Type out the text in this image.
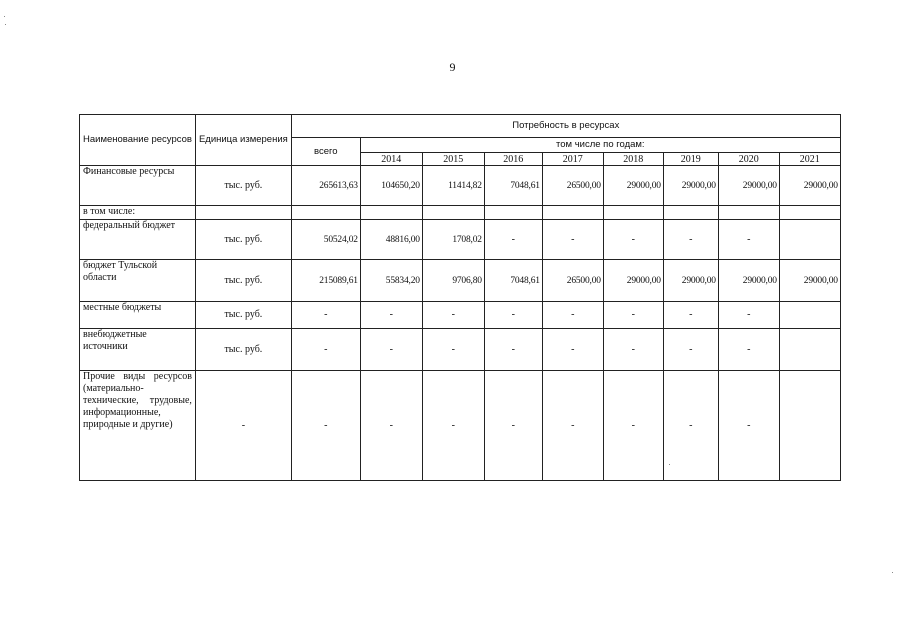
9
Наименование ресурсов	Единица измерения	Потребность в ресурсах								
		всего	том числе по годам:							
			2014	2015	2016	2017	2018	2019	2020	2021
Финансовые ресурсы	тыс. руб.	265613,63	104650,20	11414,82	7048,61	26500,00	29000,00	29000,00	29000,00	29000,00
в том числе:										
федеральный бюджет	тыс. руб.	50524,02	48816,00	1708,02	-	-	-	-	-	
бюджет Тульской области	тыс. руб.	215089,61	55834,20	9706,80	7048,61	26500,00	29000,00	29000,00	29000,00	29000,00
местные бюджеты	тыс. руб.	-	-	-	-	-	-	-	-	
внебюджетные источники	тыс. руб.	-	-	-	-	-	-	-	-	
Прочие виды ресурсов (материально-технические, трудовые, информационные, природные и другие)	-	-	-	-	-	-	-	-	-	
